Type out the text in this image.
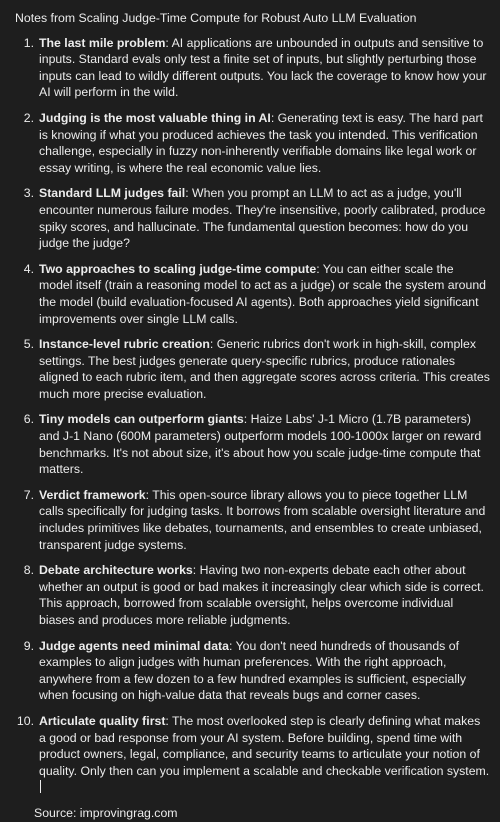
Notes from Scaling Judge-Time Compute for Robust Auto LLM Evaluation

1. The last mile problem: AI applications are unbounded in outputs and sensitive to inputs. Standard evals only test a finite set of inputs, but slightly perturbing those inputs can lead to wildly different outputs. You lack the coverage to know how your AI will perform in the wild.
2. Judging is the most valuable thing in AI: Generating text is easy. The hard part is knowing if what you produced achieves the task you intended. This verification challenge, especially in fuzzy non-inherently verifiable domains like legal work or essay writing, is where the real economic value lies.
3. Standard LLM judges fail: When you prompt an LLM to act as a judge, you'll encounter numerous failure modes. They're insensitive, poorly calibrated, produce spiky scores, and hallucinate. The fundamental question becomes: how do you judge the judge?
4. Two approaches to scaling judge-time compute: You can either scale the model itself (train a reasoning model to act as a judge) or scale the system around the model (build evaluation-focused AI agents). Both approaches yield significant improvements over single LLM calls.
5. Instance-level rubric creation: Generic rubrics don't work in high-skill, complex settings. The best judges generate query-specific rubrics, produce rationales aligned to each rubric item, and then aggregate scores across criteria. This creates much more precise evaluation.
6. Tiny models can outperform giants: Haize Labs' J-1 Micro (1.7B parameters) and J-1 Nano (600M parameters) outperform models 100-1000x larger on reward benchmarks. It's not about size, it's about how you scale judge-time compute that matters.
7. Verdict framework: This open-source library allows you to piece together LLM calls specifically for judging tasks. It borrows from scalable oversight literature and includes primitives like debates, tournaments, and ensembles to create unbiased, transparent judge systems.
8. Debate architecture works: Having two non-experts debate each other about whether an output is good or bad makes it increasingly clear which side is correct. This approach, borrowed from scalable oversight, helps overcome individual biases and produces more reliable judgments.
9. Judge agents need minimal data: You don't need hundreds of thousands of examples to align judges with human preferences. With the right approach, anywhere from a few dozen to a few hundred examples is sufficient, especially when focusing on high-value data that reveals bugs and corner cases.
10. Articulate quality first: The most overlooked step is clearly defining what makes a good or bad response from your AI system. Before building, spend time with product owners, legal, compliance, and security teams to articulate your notion of quality. Only then can you implement a scalable and checkable verification system.

Source: improvingrag.com
